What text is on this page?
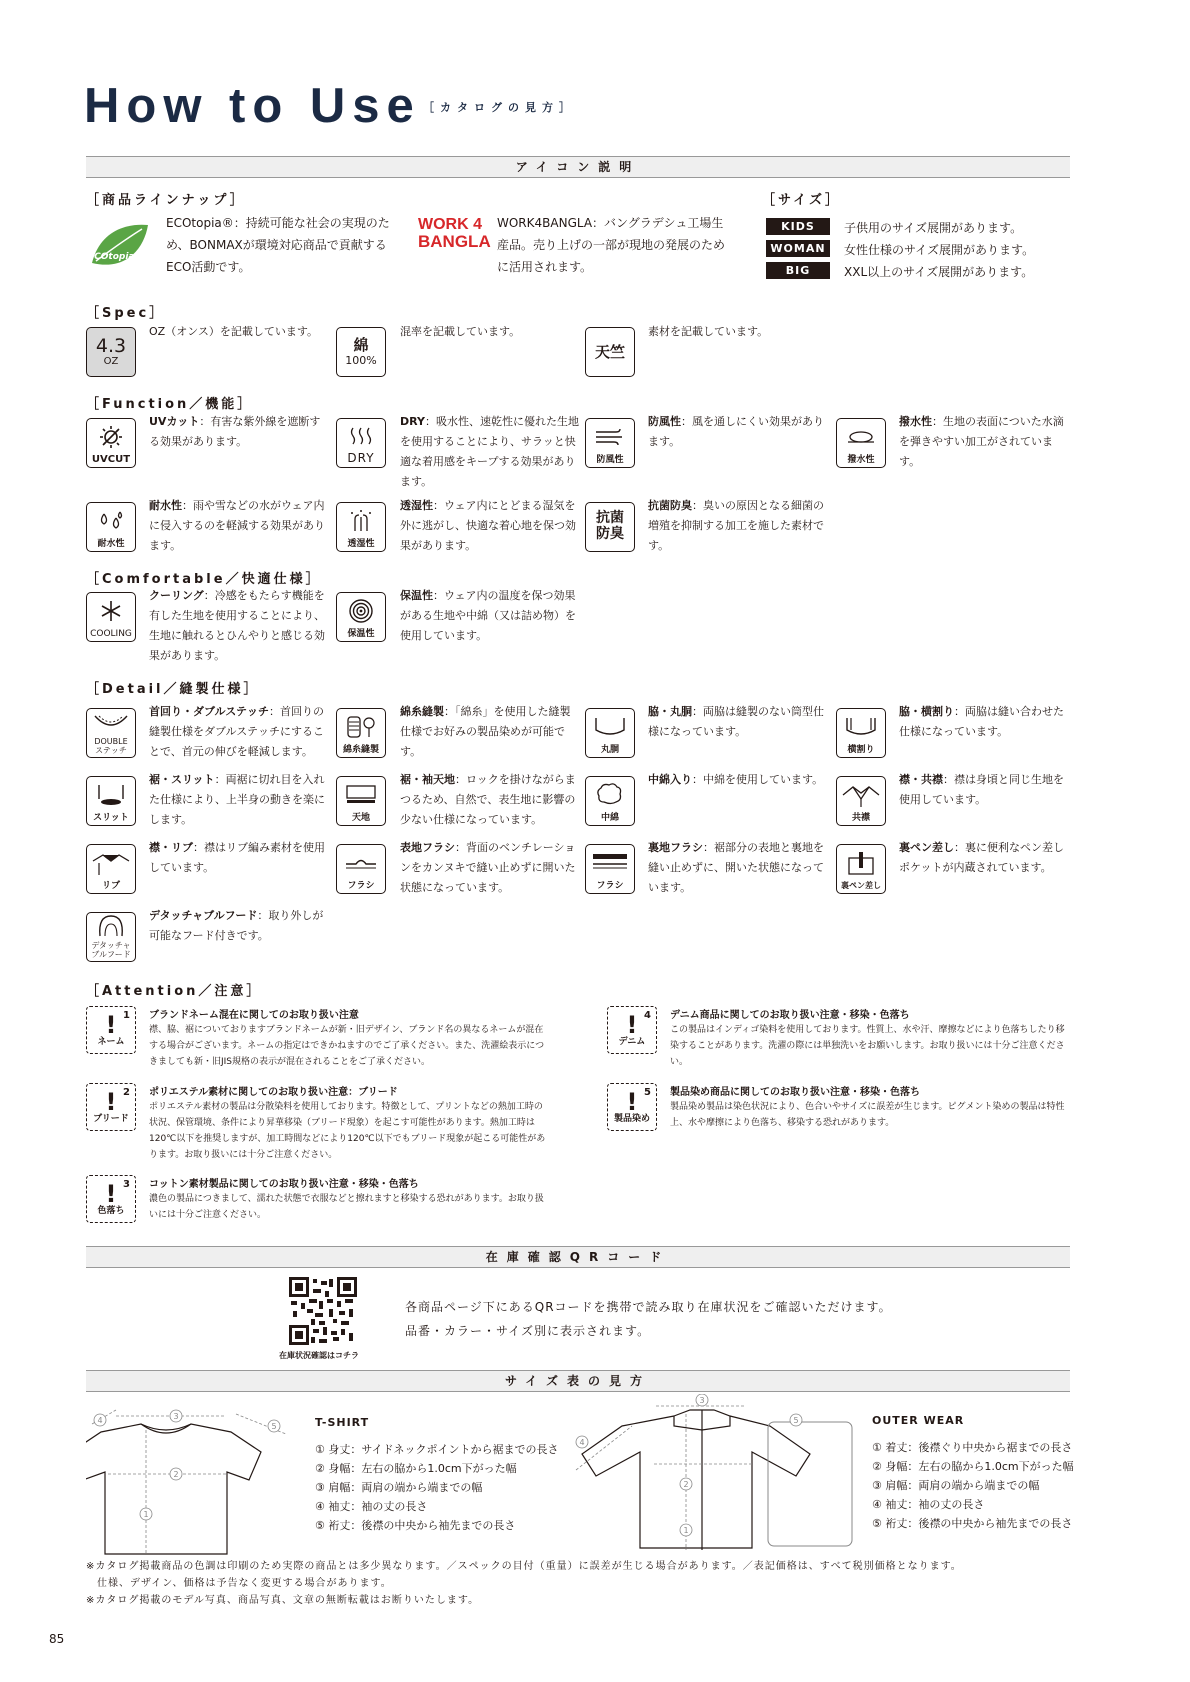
How to Use ［カタログの見方］
アイコン説明
［商品ラインナップ］
ECOtopia
ECOtopia®：持続可能な社会の実現のため、BONMAXが環境対応商品で貢献するECO活動です。
WORK 4
BANGLA
WORK4BANGLA：バングラデシュ工場生産品。売り上げの一部が現地の発展のために活用されます。
［サイズ］
KIDS	子供用のサイズ展開があります。
WOMAN	女性仕様のサイズ展開があります。
BIG	XXL以上のサイズ展開があります。
［Spec］
4.3
OZ
OZ（オンス）を記載しています。
綿
100%
混率を記載しています。
天竺
素材を記載しています。
［Function／機能］
UVCUT
UVカット：有害な紫外線を遮断する効果があります。
DRY
DRY：吸水性、速乾性に優れた生地を使用することにより、サラッと快適な着用感をキープする効果があります。
防風性
防風性：風を通しにくい効果があります。
撥水性
撥水性：生地の表面についた水滴を弾きやすい加工がされています。
耐水性
耐水性：雨や雪などの水がウェア内に侵入するのを軽減する効果があります。	透湿性
透湿性：ウェア内にとどまる湿気を外に逃がし、快適な着心地を保つ効果があります。
抗菌防臭
抗菌防臭：臭いの原因となる細菌の増殖を抑制する加工を施した素材です。
［Comfortable／快適仕様］
COOLING
クーリング：冷感をもたらす機能を有した生地を使用することにより、生地に触れるとひんやりと感じる効果があります。
保温性
保温性：ウェア内の温度を保つ効果がある生地や中綿（又は詰め物）を使用しています。
［Detail／縫製仕様］
DOUBLEステッチ
首回り・ダブルステッチ：首回りの縫製仕様をダブルステッチにすることで、首元の伸びを軽減します。	綿糸縫製
綿糸縫製：「綿糸」を使用した縫製仕様でお好みの製品染めが可能です。	丸胴
脇・丸胴：両脇は縫製のない筒型仕様になっています。
横割り
脇・横割り：両脇は縫い合わせた仕様になっています。
スリット
裾・スリット：両裾に切れ目を入れた仕様により、上半身の動きを楽にします。	天地
裾・袖天地：ロックを掛けながらまつるため、自然で、表生地に影響の少ない仕様になっています。	中綿
中綿入り：中綿を使用しています。
共襟
襟・共襟：襟は身頃と同じ生地を使用しています。
リブ
襟・リブ：襟はリブ編み素材を使用しています。
フラシ
表地フラシ：背面のベンチレーションをカンヌキで縫い止めずに開いた状態になっています。	フラシ
裏地フラシ：裾部分の表地と裏地を縫い止めずに、開いた状態になっています。	裏ペン差し
裏ペン差し：裏に便利なペン差しポケットが内蔵されています。
デタッチャブルフード
デタッチャブルフード：取り外しが可能なフード付きです。
［Attention／注意］
1
!
ネーム
ブランドネーム混在に関してのお取り扱い注意
襟、脇、裾についておりますブランドネームが新・旧デザイン、ブランド名の異なるネームが混在する場合がございます。ネームの指定はできかねますのでご了承ください。また、洗濯絵表示につきましても新・旧JIS規格の表示が混在されることをご了承ください。
2
!
ブリード
ポリエステル素材に関してのお取り扱い注意：ブリード
ポリエステル素材の製品は分散染料を使用しております。特徴として、プリントなどの熱加工時の状況、保管環境、条件により昇華移染（ブリード現象）を起こす可能性があります。熱加工時は120℃以下を推奨しますが、加工時間などにより120℃以下でもブリード現象が起こる可能性があります。お取り扱いには十分ご注意ください。
3
!
色落ち
コットン素材製品に関してのお取り扱い注意・移染・色落ち
濃色の製品につきまして、濡れた状態で衣服などと擦れますと移染する恐れがあります。お取り扱いには十分ご注意ください。
4
!
デニム
デニム商品に関してのお取り扱い注意・移染・色落ち
この製品はインディゴ染料を使用しております。性質上、水や汗、摩擦などにより色落ちしたり移染することがあります。洗濯の際には単独洗いをお願いします。お取り扱いには十分ご注意ください。
5
!
製品染め
製品染め商品に関してのお取り扱い注意・移染・色落ち
製品染め製品は染色状況により、色合いやサイズに誤差が生じます。ピグメント染めの製品は特性上、水や摩擦により色落ち、移染する恐れがあります。
在庫確認QRコード
在庫状況確認はコチラ
各商品ページ下にあるQRコードを携帯で読み取り在庫状況をご確認いただけます。
品番・カラー・サイズ別に表示されます。
サイズ表の見方
1
2
3
4
5	T-SHIRT
① 身丈：サイドネックポイントから裾までの長さ
② 身幅：左右の脇から1.0cm下がった幅
③ 肩幅：両肩の端から端までの幅
④ 袖丈：袖の丈の長さ
⑤ 裄丈：後襟の中央から袖先までの長さ	1
2
3
4
5	OUTER WEAR
① 着丈：後襟ぐり中央から裾までの長さ
② 身幅：左右の脇から1.0cm下がった幅
③ 肩幅：両肩の端から端までの幅
④ 袖丈：袖の丈の長さ
⑤ 裄丈：後襟の中央から袖先までの長さ
※カタログ掲載商品の色調は印刷のため実際の商品とは多少異なります。／スペックの目付（重量）に誤差が生じる場合があります。／表記価格は、すべて税別価格となります。
仕様、デザイン、価格は予告なく変更する場合があります。
※カタログ掲載のモデル写真、商品写真、文章の無断転載はお断りいたします。
85
